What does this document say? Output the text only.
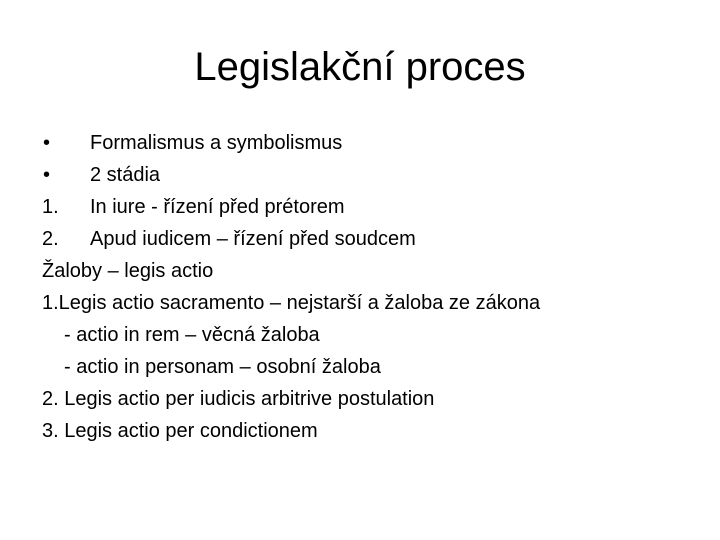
Legislakční proces
• Formalismus a symbolismus
• 2 stádia
1. In iure - řízení před prétorem
2. Apud iudicem – řízení před soudcem
Žaloby – legis actio
1.Legis actio sacramento – nejstarší a žaloba ze zákona
- actio in rem – věcná žaloba
- actio in personam – osobní žaloba
2. Legis actio per iudicis arbitrive postulation
3. Legis actio per condictionem
